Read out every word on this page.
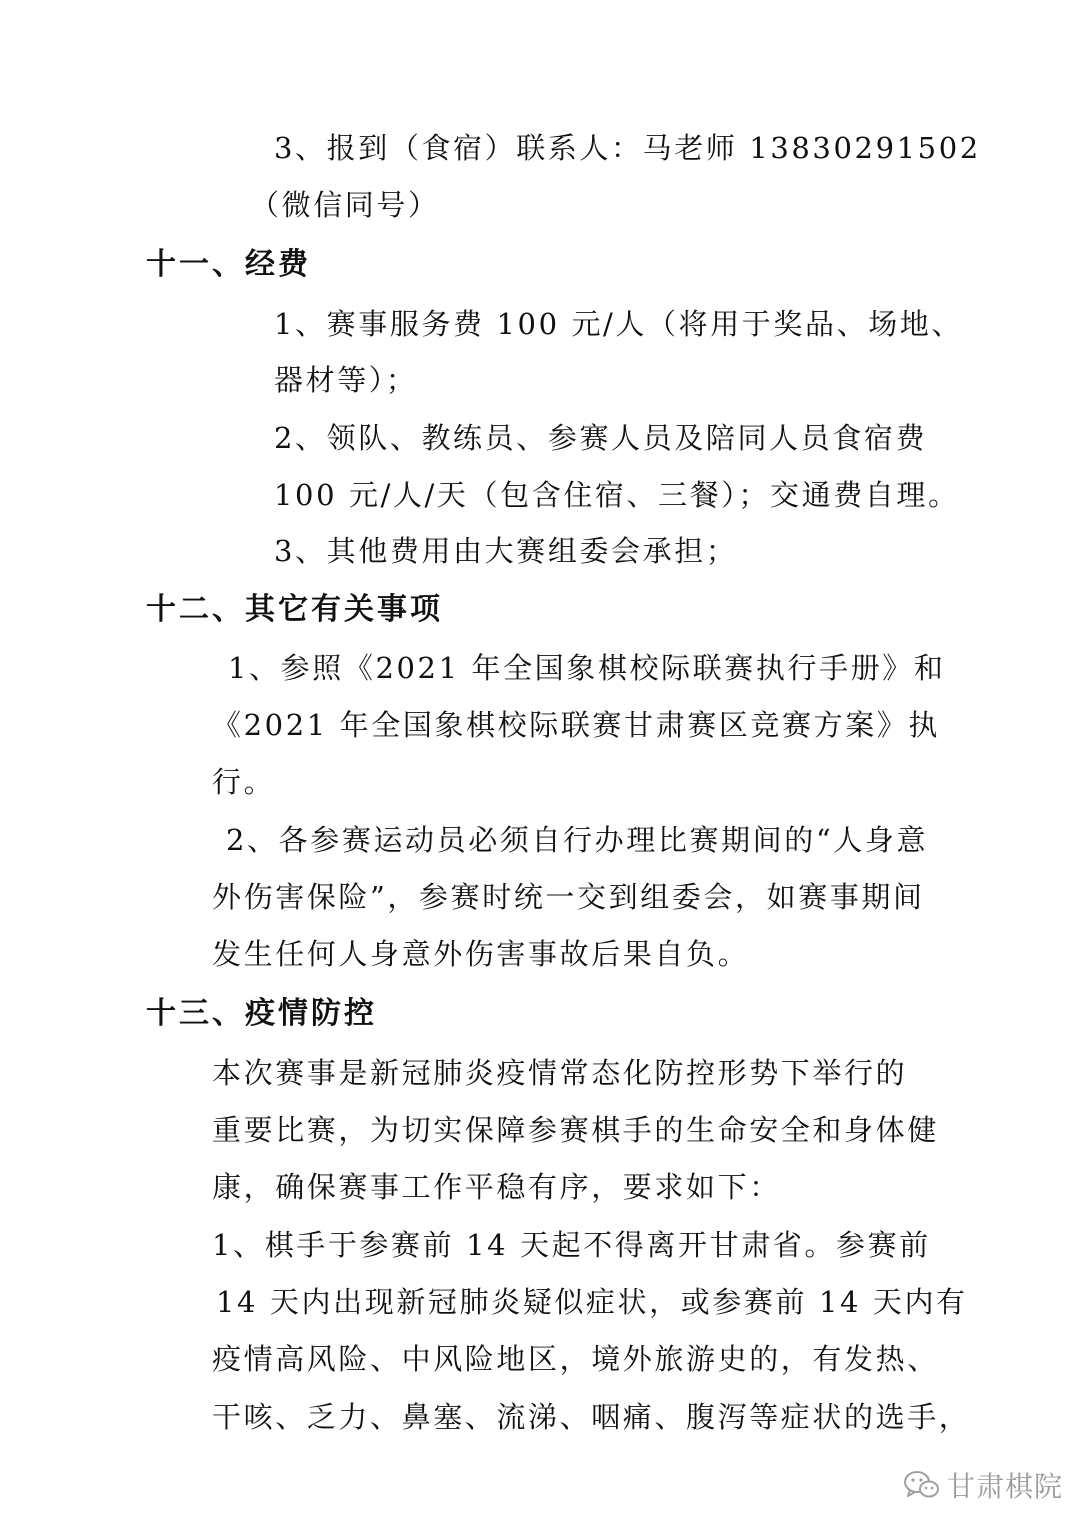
3、报到（食宿）联系人：马老师 13830291502

（微信同号）

十一、经费

1、赛事服务费 100 元/人（将用于奖品、场地、

器材等）；

2、领队、教练员、参赛人员及陪同人员食宿费

100 元/人/天（包含住宿、三餐）；交通费自理。

3、其他费用由大赛组委会承担；

十二、其它有关事项

1、参照《2021 年全国象棋校际联赛执行手册》和

《2021 年全国象棋校际联赛甘肃赛区竞赛方案》执

行。

2、各参赛运动员必须自行办理比赛期间的“人身意

外伤害保险”，参赛时统一交到组委会，如赛事期间

发生任何人身意外伤害事故后果自负。

十三、疫情防控

本次赛事是新冠肺炎疫情常态化防控形势下举行的

重要比赛，为切实保障参赛棋手的生命安全和身体健

康，确保赛事工作平稳有序，要求如下：

1、棋手于参赛前 14 天起不得离开甘肃省。参赛前

14 天内出现新冠肺炎疑似症状，或参赛前 14 天内有

疫情高风险、中风险地区，境外旅游史的，有发热、

干咳、乏力、鼻塞、流涕、咽痛、腹泻等症状的选手，

甘肃棋院
